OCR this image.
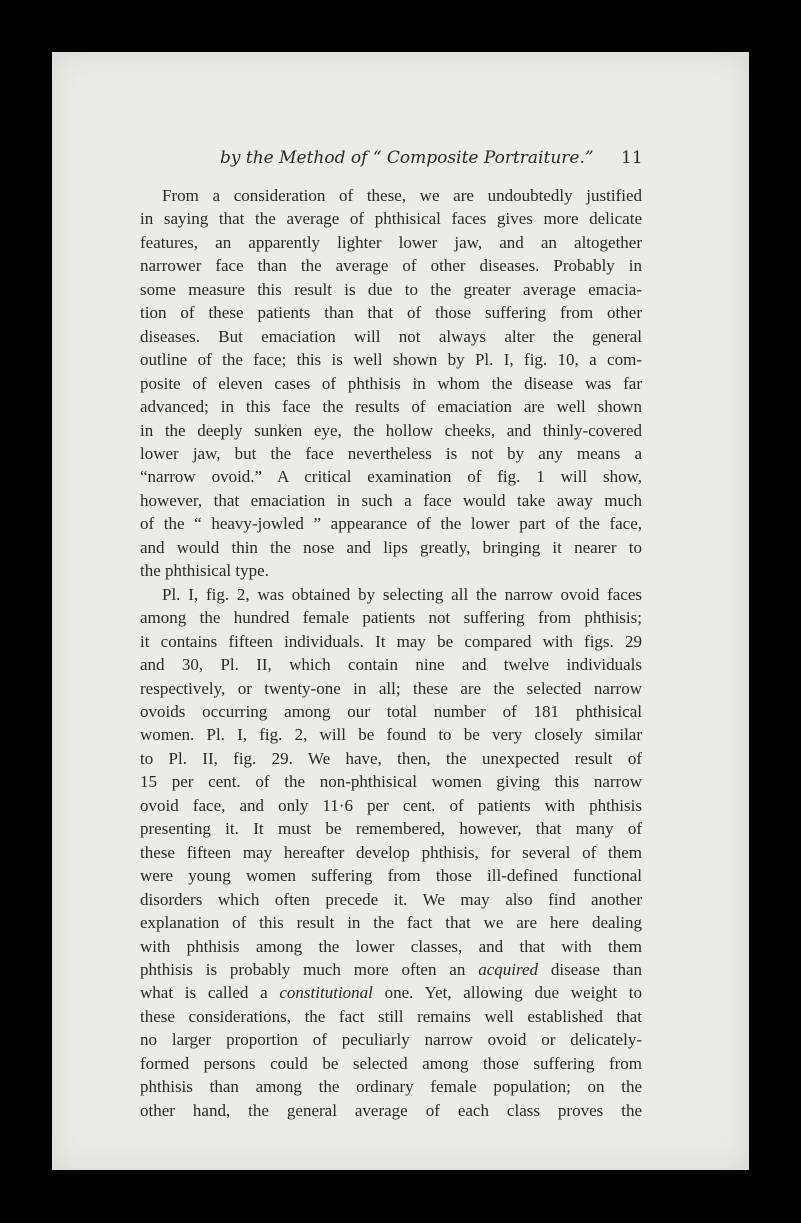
by the Method of “ Composite Portraiture.” 11
From a consideration of these, we are undoubtedly justified
in saying that the average of phthisical faces gives more delicate
features, an apparently lighter lower jaw, and an altogether
narrower face than the average of other diseases. Probably in
some measure this result is due to the greater average emacia-
tion of these patients than that of those suffering from other
diseases. But emaciation will not always alter the general
outline of the face; this is well shown by Pl. I, fig. 10, a com-
posite of eleven cases of phthisis in whom the disease was far
advanced; in this face the results of emaciation are well shown
in the deeply sunken eye, the hollow cheeks, and thinly-covered
lower jaw, but the face nevertheless is not by any means a
“narrow ovoid.” A critical examination of fig. 1 will show,
however, that emaciation in such a face would take away much
of the “ heavy-jowled ” appearance of the lower part of the face,
and would thin the nose and lips greatly, bringing it nearer to
the phthisical type.
Pl. I, fig. 2, was obtained by selecting all the narrow ovoid faces
among the hundred female patients not suffering from phthisis;
it contains fifteen individuals. It may be compared with figs. 29
and 30, Pl. II, which contain nine and twelve individuals
respectively, or twenty-one in all; these are the selected narrow
ovoids occurring among our total number of 181 phthisical
women. Pl. I, fig. 2, will be found to be very closely similar
to Pl. II, fig. 29. We have, then, the unexpected result of
15 per cent. of the non-phthisical women giving this narrow
ovoid face, and only 11·6 per cent. of patients with phthisis
presenting it. It must be remembered, however, that many of
these fifteen may hereafter develop phthisis, for several of them
were young women suffering from those ill-defined functional
disorders which often precede it. We may also find another
explanation of this result in the fact that we are here dealing
with phthisis among the lower classes, and that with them
phthisis is probably much more often an acquired disease than
what is called a constitutional one. Yet, allowing due weight to
these considerations, the fact still remains well established that
no larger proportion of peculiarly narrow ovoid or delicately-
formed persons could be selected among those suffering from
phthisis than among the ordinary female population; on the
other hand, the general average of each class proves the
